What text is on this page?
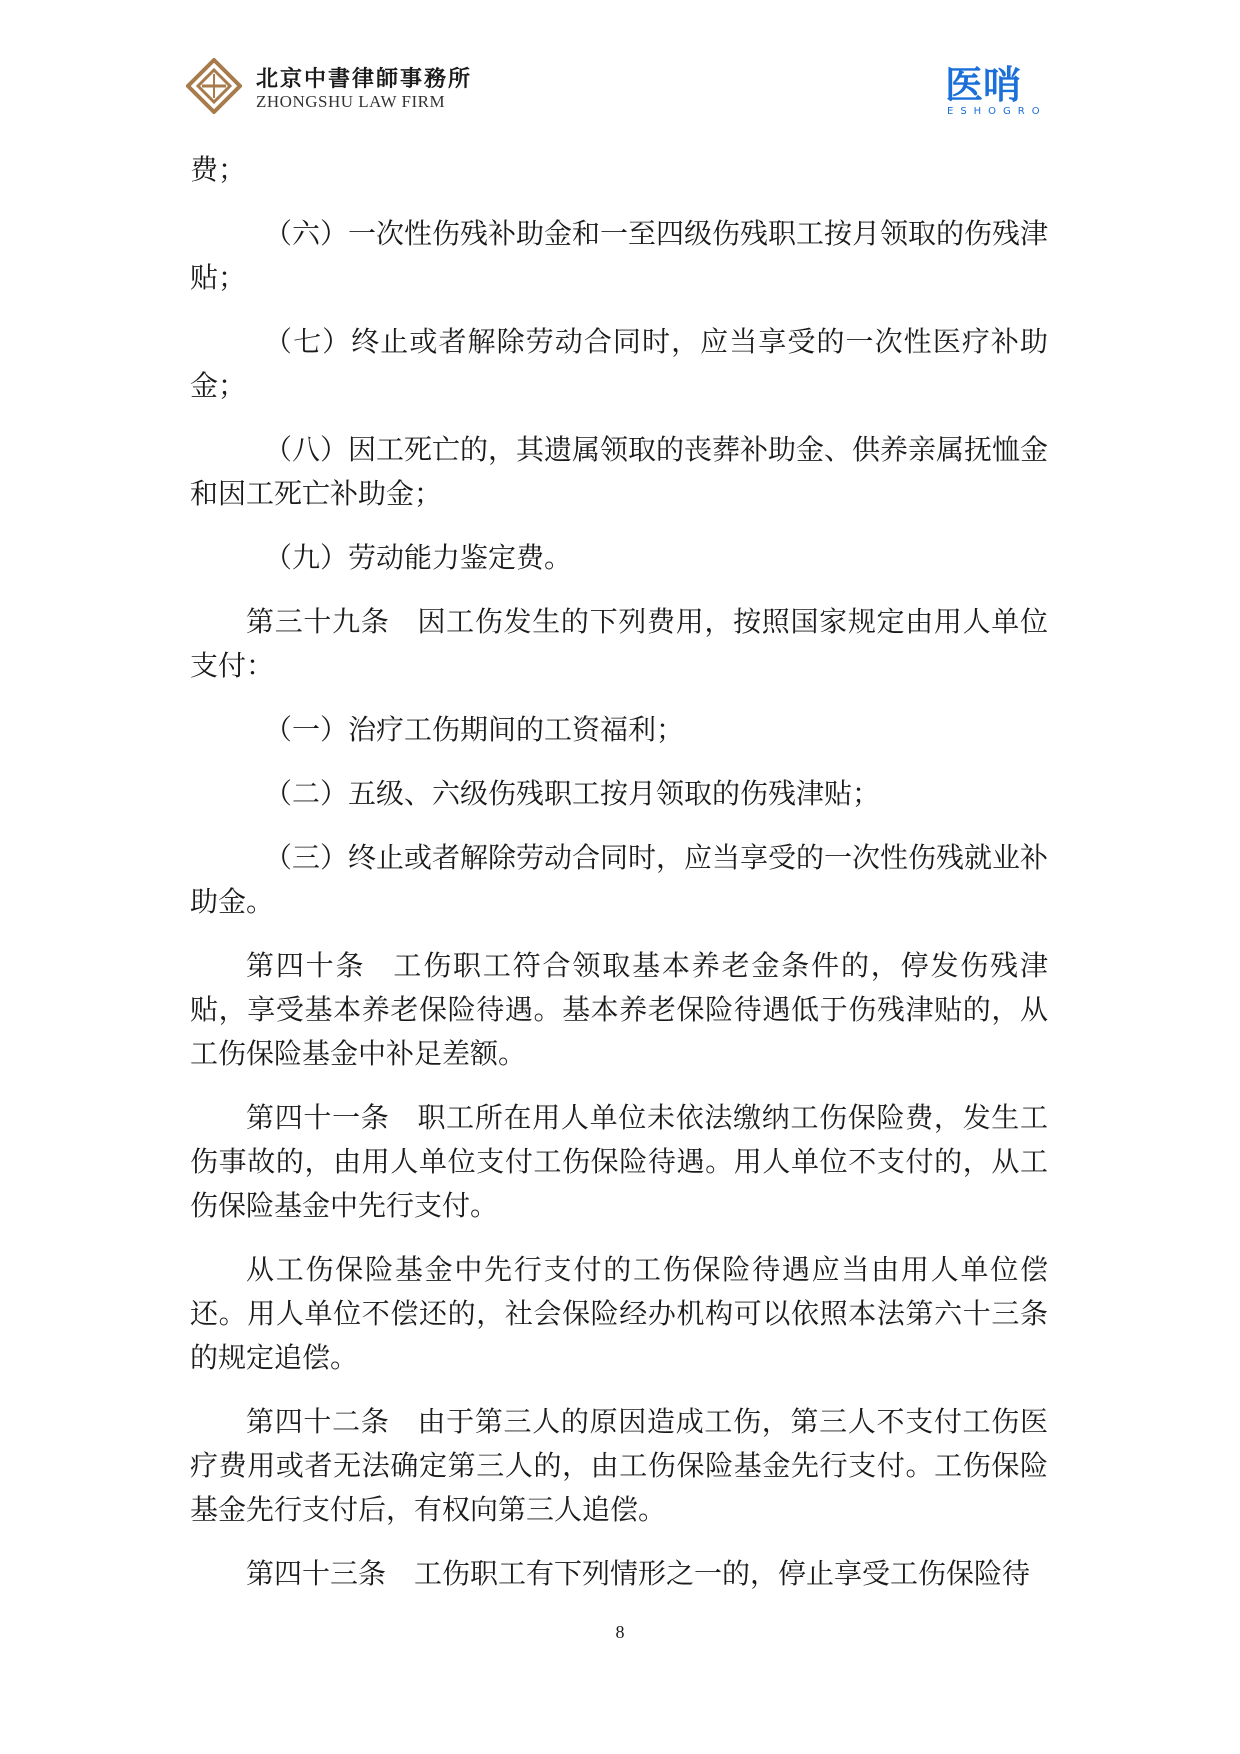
北京中書律師事務所
ZHONGSHU LAW FIRM	医哨
ESHOGRO

费；

（六）一次性伤残补助金和一至四级伤残职工按月领取的伤残津贴；

（七）终止或者解除劳动合同时，应当享受的一次性医疗补助金；

（八）因工死亡的，其遗属领取的丧葬补助金、供养亲属抚恤金和因工死亡补助金；

（九）劳动能力鉴定费。

第三十九条 因工伤发生的下列费用，按照国家规定由用人单位支付：

（一）治疗工伤期间的工资福利；

（二）五级、六级伤残职工按月领取的伤残津贴；

（三）终止或者解除劳动合同时，应当享受的一次性伤残就业补助金。

第四十条 工伤职工符合领取基本养老金条件的，停发伤残津贴，享受基本养老保险待遇。基本养老保险待遇低于伤残津贴的，从工伤保险基金中补足差额。

第四十一条 职工所在用人单位未依法缴纳工伤保险费，发生工伤事故的，由用人单位支付工伤保险待遇。用人单位不支付的，从工伤保险基金中先行支付。

从工伤保险基金中先行支付的工伤保险待遇应当由用人单位偿还。用人单位不偿还的，社会保险经办机构可以依照本法第六十三条的规定追偿。

第四十二条 由于第三人的原因造成工伤，第三人不支付工伤医疗费用或者无法确定第三人的，由工伤保险基金先行支付。工伤保险基金先行支付后，有权向第三人追偿。

第四十三条 工伤职工有下列情形之一的，停止享受工伤保险待

8
